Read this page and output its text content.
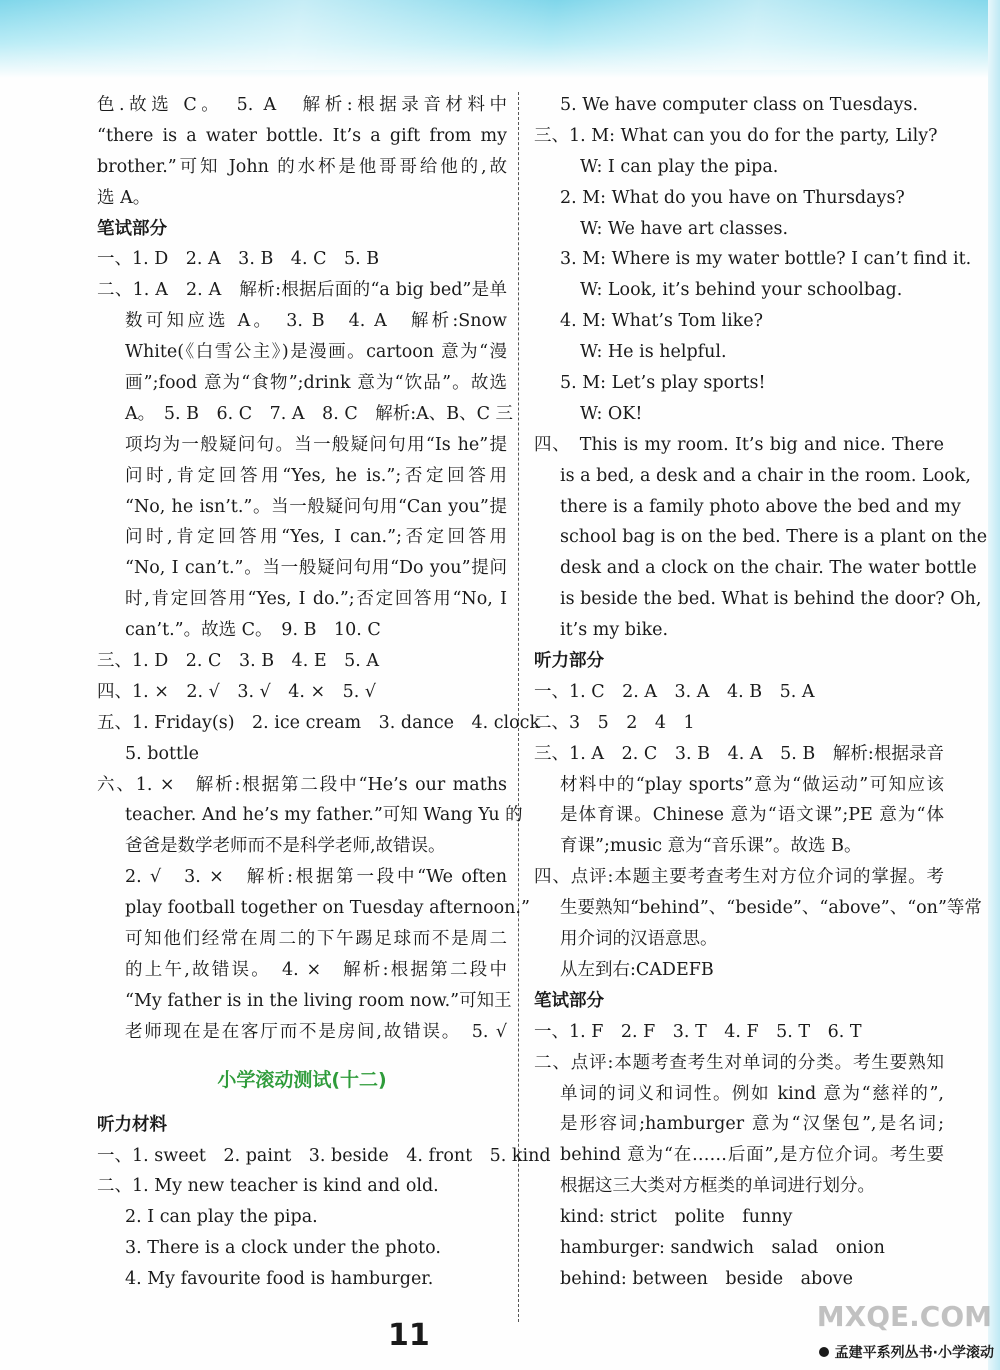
色.故选 C。　5. A　解析:根据录音材料中
“there is a water bottle. It’s a gift from my
brother.”可知 John 的水杯是他哥哥给他的,故
选 A。
笔试部分
一、1. D　2. A　3. B　4. C　5. B
二、1. A　2. A　解析:根据后面的“a big bed”是单
数可知应选 A。　3. B　4. A　解析:Snow
White(《白雪公主》)是漫画。cartoon 意为“漫
画”;food 意为“食物”;drink 意为“饮品”。故选
A。　5. B　6. C　7. A　8. C　解析:A、B、C 三
项均为一般疑问句。当一般疑问句用“Is he”提
问时,肯定回答用“Yes, he is.”;否定回答用
“No, he isn’t.”。当一般疑问句用“Can you”提
问时,肯定回答用“Yes, I can.”;否定回答用
“No, I can’t.”。当一般疑问句用“Do you”提问
时,肯定回答用“Yes, I do.”;否定回答用“No, I
can’t.”。故选 C。　9. B　10. C
三、1. D　2. C　3. B　4. E　5. A
四、1. ×　2. √　3. √　4. ×　5. √
五、1. Friday(s)　2. ice cream　3. dance　4. clock
5. bottle
六、1. ×　解析:根据第二段中“He’s our maths
teacher. And he’s my father.”可知 Wang Yu 的
爸爸是数学老师而不是科学老师,故错误。
2. √　3. ×　解析:根据第一段中“We often
play football together on Tuesday afternoon.”
可知他们经常在周二的下午踢足球而不是周二
的上午,故错误。　4. ×　解析:根据第二段中
“My father is in the living room now.”可知王
老师现在是在客厅而不是房间,故错误。　5. √
小学滚动测试(十二)
听力材料
一、1. sweet　2. paint　3. beside　4. front　5. kind
二、1. My new teacher is kind and old.
2. I can play the pipa.
3. There is a clock under the photo.
4. My favourite food is hamburger.
5. We have computer class on Tuesdays.
三、1. M: What can you do for the party, Lily?
W: I can play the pipa.
2. M: What do you have on Thursdays?
W: We have art classes.
3. M: Where is my water bottle? I can’t find it.
W: Look, it’s behind your schoolbag.
4. M: What’s Tom like?
W: He is helpful.
5. M: Let’s play sports!
W: OK!
四、　This is my room. It’s big and nice. There
is a bed, a desk and a chair in the room. Look,
there is a family photo above the bed and my
school bag is on the bed. There is a plant on the
desk and a clock on the chair. The water bottle
is beside the bed. What is behind the door? Oh,
it’s my bike.
听力部分
一、1. C　2. A　3. A　4. B　5. A
二、3　5　2　4　1
三、1. A　2. C　3. B　4. A　5. B　解析:根据录音
材料中的“play sports”意为“做运动”可知应该
是体育课。Chinese 意为“语文课”;PE 意为“体
育课”;music 意为“音乐课”。故选 B。
四、点评:本题主要考查考生对方位介词的掌握。考
生要熟知“behind”、“beside”、“above”、“on”等常
用介词的汉语意思。
从左到右:CADEFB
笔试部分
一、1. F　2. F　3. T　4. F　5. T　6. T
二、点评:本题考查考生对单词的分类。考生要熟知
单词的词义和词性。例如 kind 意为“慈祥的”,
是形容词;hamburger 意为“汉堡包”,是名词;
behind 意为“在……后面”,是方位介词。考生要
根据这三大类对方框类的单词进行划分。
kind: strict　polite　funny
hamburger: sandwich　salad　onion
behind: between　beside　above
11	孟建平系列丛书·小学滚动
MXQE.COM
